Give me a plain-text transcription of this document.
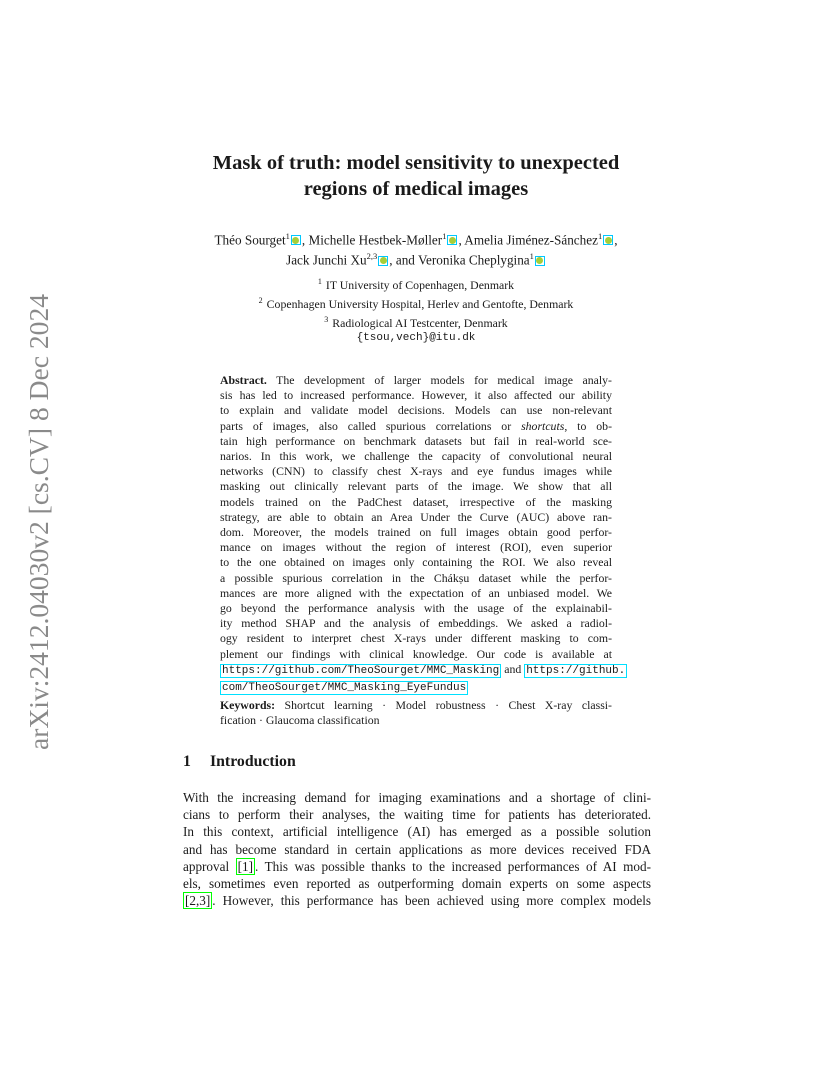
arXiv:2412.04030v2 [cs.CV] 8 Dec 2024
Mask of truth: model sensitivity to unexpected
regions of medical images
Théo Sourget$^1$ , Michelle Hestbek-Møller$^1$ , Amelia Jiménez-Sánchez$^1$ ,
Jack Junchi Xu$^{2,3}$ , and Veronika Cheplygina$^1$
$^1$ IT University of Copenhagen, Denmark
$^2$ Copenhagen University Hospital, Herlev and Gentofte, Denmark
$^3$ Radiological AI Testcenter, Denmark
{tsou,vech}@itu.dk
Abstract. The development of larger models for medical image analy-
sis has led to increased performance. However, it also affected our ability
to explain and validate model decisions. Models can use non-relevant
parts of images, also called spurious correlations or shortcuts, to ob-
tain high performance on benchmark datasets but fail in real-world sce-
narios. In this work, we challenge the capacity of convolutional neural
networks (CNN) to classify chest X-rays and eye fundus images while
masking out clinically relevant parts of the image. We show that all
models trained on the PadChest dataset, irrespective of the masking
strategy, are able to obtain an Area Under the Curve (AUC) above ran-
dom. Moreover, the models trained on full images obtain good perfor-
mance on images without the region of interest (ROI), even superior
to the one obtained on images only containing the ROI. We also reveal
a possible spurious correlation in the Chákṣu dataset while the perfor-
mances are more aligned with the expectation of an unbiased model. We
go beyond the performance analysis with the usage of the explainabil-
ity method SHAP and the analysis of embeddings. We asked a radiol-
ogy resident to interpret chest X-rays under different masking to com-
plement our findings with clinical knowledge. Our code is available at
https://github.com/TheoSourget/MMC_Masking and https://github.
com/TheoSourget/MMC_Masking_EyeFundus
Keywords: Shortcut learning · Model robustness · Chest X-ray classi-
fication · Glaucoma classification
1 Introduction
With the increasing demand for imaging examinations and a shortage of clini-
cians to perform their analyses, the waiting time for patients has deteriorated.
In this context, artificial intelligence (AI) has emerged as a possible solution
and has become standard in certain applications as more devices received FDA
approval [1] . This was possible thanks to the increased performances of AI mod-
els, sometimes even reported as outperforming domain experts on some aspects
[2,3] . However, this performance has been achieved using more complex models
